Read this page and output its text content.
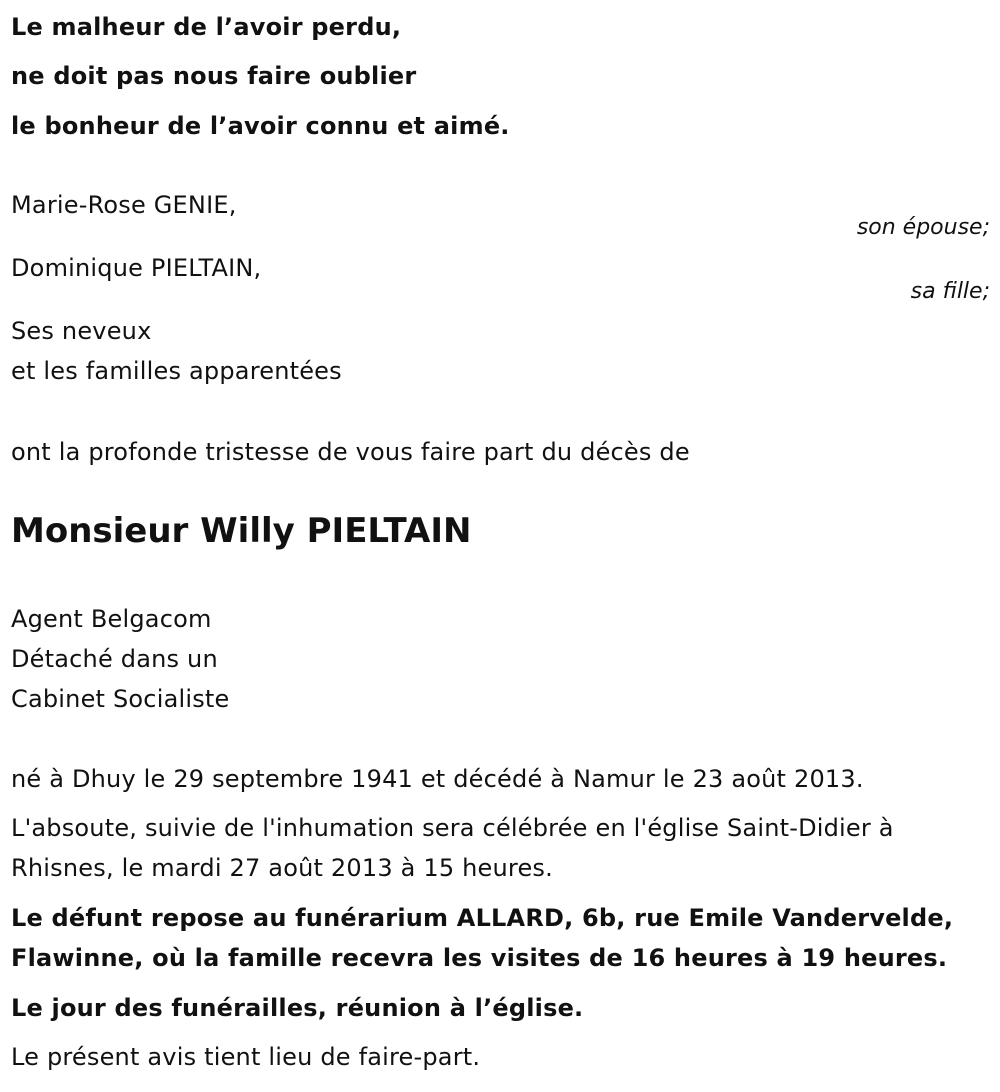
Le malheur de l’avoir perdu,
ne doit pas nous faire oublier
le bonheur de l’avoir connu et aimé.
Marie-Rose GENIE,
son épouse;
Dominique PIELTAIN,
sa fille;
Ses neveux
et les familles apparentées
ont la profonde tristesse de vous faire part du décès de
Monsieur Willy PIELTAIN
Agent Belgacom
Détaché dans un
Cabinet Socialiste
né à Dhuy le 29 septembre 1941 et décédé à Namur le 23 août 2013.
L'absoute, suivie de l'inhumation sera célébrée en l'église Saint-Didier à
Rhisnes, le mardi 27 août 2013 à 15 heures.
Le défunt repose au funérarium ALLARD, 6b, rue Emile Vandervelde,
Flawinne, où la famille recevra les visites de 16 heures à 19 heures.
Le jour des funérailles, réunion à l’église.
Le présent avis tient lieu de faire-part.
